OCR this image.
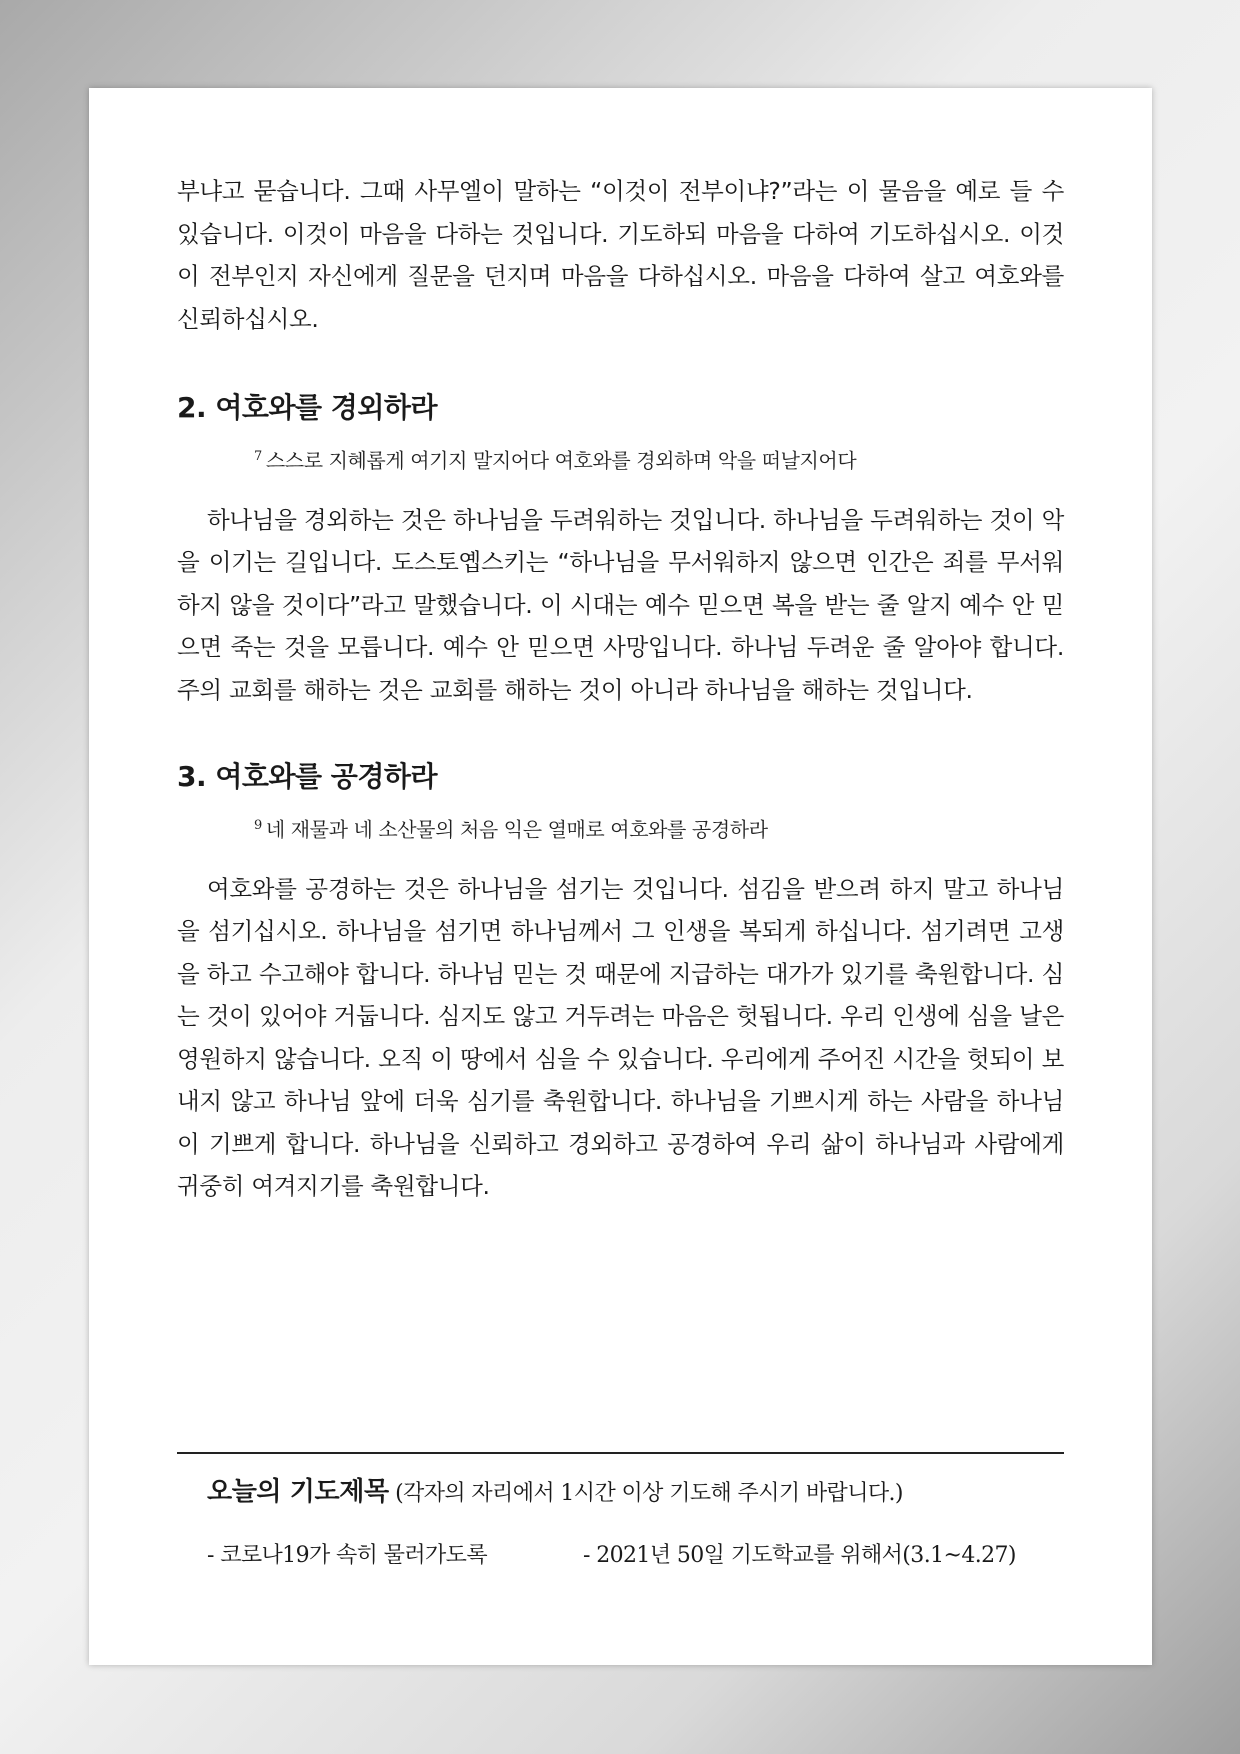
부냐고 묻습니다. 그때 사무엘이 말하는 “이것이 전부이냐?”라는 이 물음을 예로 들 수 있습니다. 이것이 마음을 다하는 것입니다. 기도하되 마음을 다하여 기도하십시오. 이것이 전부인지 자신에게 질문을 던지며 마음을 다하십시오. 마음을 다하여 살고 여호와를 신뢰하십시오.

2. 여호와를 경외하라

$^7$ 스스로 지혜롭게 여기지 말지어다 여호와를 경외하며 악을 떠날지어다

하나님을 경외하는 것은 하나님을 두려워하는 것입니다. 하나님을 두려워하는 것이 악을 이기는 길입니다. 도스토옙스키는 “하나님을 무서워하지 않으면 인간은 죄를 무서워하지 않을 것이다”라고 말했습니다. 이 시대는 예수 믿으면 복을 받는 줄 알지 예수 안 믿으면 죽는 것을 모릅니다. 예수 안 믿으면 사망입니다. 하나님 두려운 줄 알아야 합니다. 주의 교회를 해하는 것은 교회를 해하는 것이 아니라 하나님을 해하는 것입니다.

3. 여호와를 공경하라

$^9$ 네 재물과 네 소산물의 처음 익은 열매로 여호와를 공경하라

여호와를 공경하는 것은 하나님을 섬기는 것입니다. 섬김을 받으려 하지 말고 하나님을 섬기십시오. 하나님을 섬기면 하나님께서 그 인생을 복되게 하십니다. 섬기려면 고생을 하고 수고해야 합니다. 하나님 믿는 것 때문에 지급하는 대가가 있기를 축원합니다. 심는 것이 있어야 거둡니다. 심지도 않고 거두려는 마음은 헛됩니다. 우리 인생에 심을 날은 영원하지 않습니다. 오직 이 땅에서 심을 수 있습니다. 우리에게 주어진 시간을 헛되이 보내지 않고 하나님 앞에 더욱 심기를 축원합니다. 하나님을 기쁘시게 하는 사람을 하나님이 기쁘게 합니다. 하나님을 신뢰하고 경외하고 공경하여 우리 삶이 하나님과 사람에게 귀중히 여겨지기를 축원합니다.

오늘의 기도제목 (각자의 자리에서 1시간 이상 기도해 주시기 바랍니다.)
- 코로나19가 속히 물러가도록	- 2021년 50일 기도학교를 위해서(3.1~4.27)
